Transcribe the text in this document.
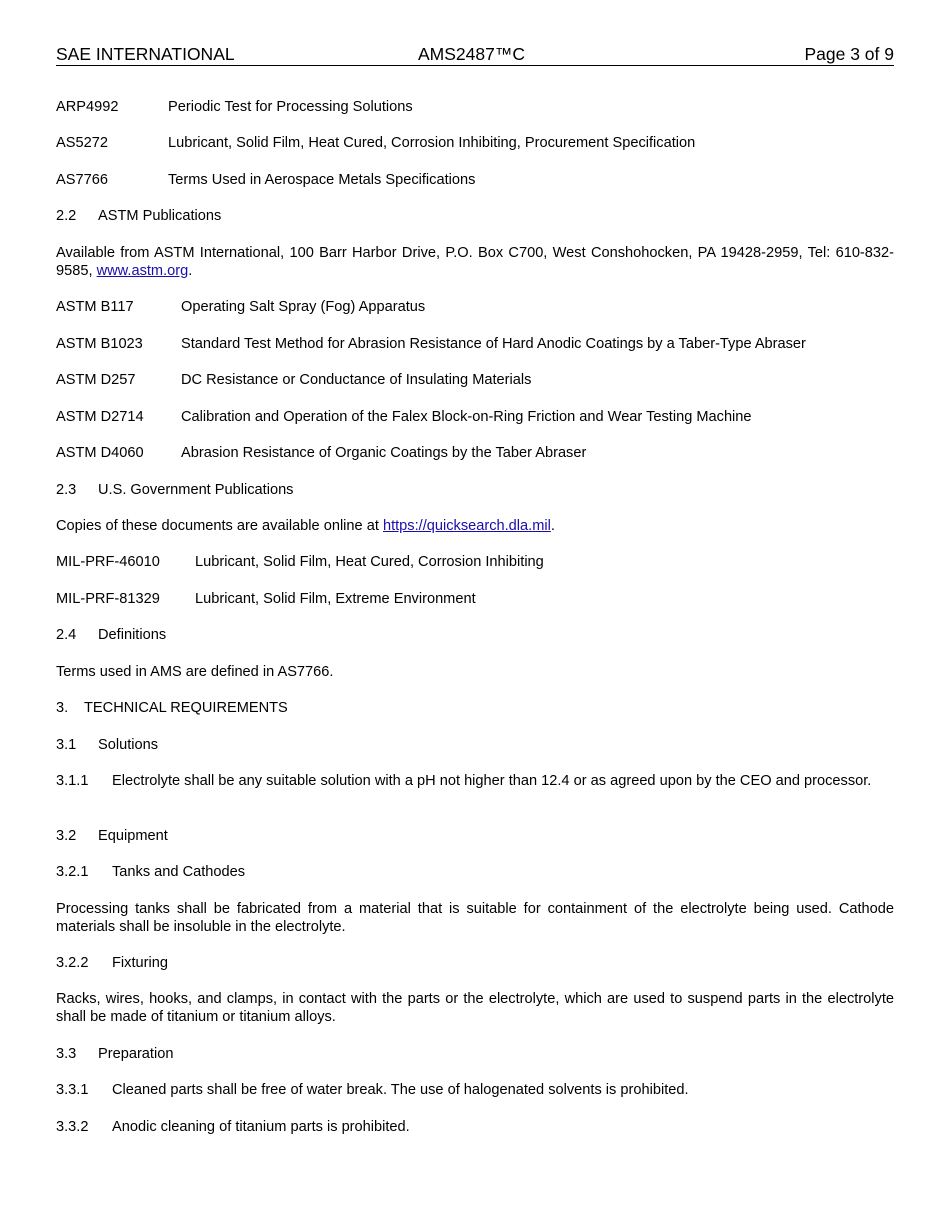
SAE INTERNATIONAL	AMS2487™C	Page 3 of 9
ARP4992	Periodic Test for Processing Solutions
AS5272	Lubricant, Solid Film, Heat Cured, Corrosion Inhibiting, Procurement Specification
AS7766	Terms Used in Aerospace Metals Specifications
2.2 ASTM Publications
Available from ASTM International, 100 Barr Harbor Drive, P.O. Box C700, West Conshohocken, PA 19428-2959, Tel: 610-832-9585, www.astm.org.
ASTM B117	Operating Salt Spray (Fog) Apparatus
ASTM B1023	Standard Test Method for Abrasion Resistance of Hard Anodic Coatings by a Taber-Type Abraser
ASTM D257	DC Resistance or Conductance of Insulating Materials
ASTM D2714	Calibration and Operation of the Falex Block-on-Ring Friction and Wear Testing Machine
ASTM D4060	Abrasion Resistance of Organic Coatings by the Taber Abraser
2.3 U.S. Government Publications
Copies of these documents are available online at https://quicksearch.dla.mil.
MIL-PRF-46010 Lubricant, Solid Film, Heat Cured, Corrosion Inhibiting
MIL-PRF-81329 Lubricant, Solid Film, Extreme Environment
2.4 Definitions
Terms used in AMS are defined in AS7766.
3. TECHNICAL REQUIREMENTS
3.1 Solutions
3.1.1 Electrolyte shall be any suitable solution with a pH not higher than 12.4 or as agreed upon by the CEO and processor.
3.2 Equipment
3.2.1 Tanks and Cathodes
Processing tanks shall be fabricated from a material that is suitable for containment of the electrolyte being used. Cathode materials shall be insoluble in the electrolyte.
3.2.2 Fixturing
Racks, wires, hooks, and clamps, in contact with the parts or the electrolyte, which are used to suspend parts in the electrolyte shall be made of titanium or titanium alloys.
3.3 Preparation
3.3.1 Cleaned parts shall be free of water break. The use of halogenated solvents is prohibited.
3.3.2 Anodic cleaning of titanium parts is prohibited.
